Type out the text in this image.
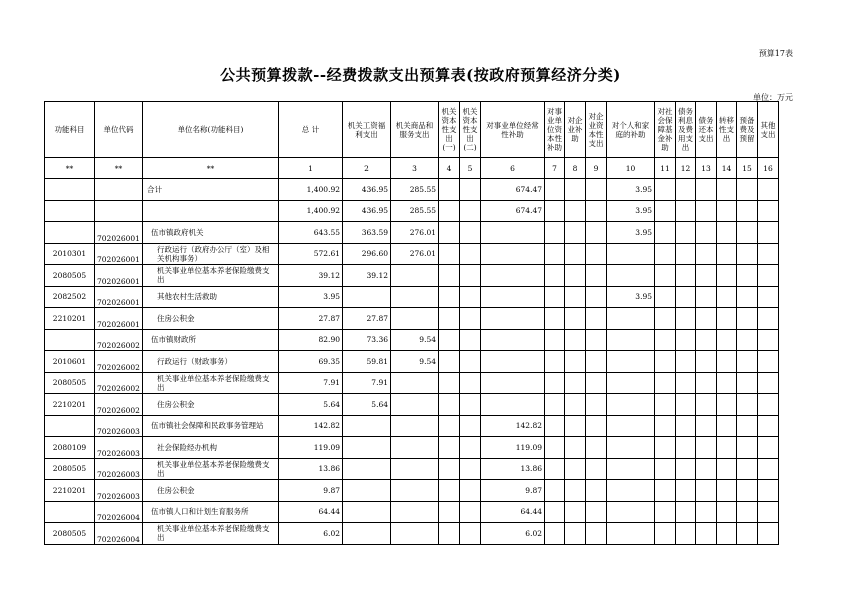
预算17表
公共预算拨款--经费拨款支出预算表(按政府预算经济分类)
单位：万元
功能科目	单位代码	单位名称(功能科目)	总 计	机关工资福利支出	机关商品和服务支出	机关资本性支出(一)	机关资本性支出(二)	对事业单位经常性补助	对事业单位资本性补助	对企业补助	对企业资本性支出	对个人和家庭的补助	对社会保障基金补助	债务利息及费用支出	债务还本支出	转移性支出	预备费及预留	其他支出
**	**	**	1	2	3	4	5	6	7	8	9	10	11	12	13	14	15	16
		合计	1,400.92	436.95	285.55			674.47				3.95						
			1,400.92	436.95	285.55			674.47				3.95						
	702026001	伍市镇政府机关	643.55	363.59	276.01							3.95						
2010301	702026001	行政运行（政府办公厅（室）及相关机构事务）	572.61	296.60	276.01													
2080505	702026001	机关事业单位基本养老保险缴费支出	39.12	39.12														
2082502	702026001	其他农村生活救助	3.95									3.95						
2210201	702026001	住房公积金	27.87	27.87														
	702026002	伍市镇财政所	82.90	73.36	9.54													
2010601	702026002	行政运行（财政事务）	69.35	59.81	9.54													
2080505	702026002	机关事业单位基本养老保险缴费支出	7.91	7.91														
2210201	702026002	住房公积金	5.64	5.64														
	702026003	伍市镇社会保障和民政事务管理站	142.82					142.82										
2080109	702026003	社会保险经办机构	119.09					119.09										
2080505	702026003	机关事业单位基本养老保险缴费支出	13.86					13.86										
2210201	702026003	住房公积金	9.87					9.87										
	702026004	伍市镇人口和计划生育服务所	64.44					64.44										
2080505	702026004	机关事业单位基本养老保险缴费支出	6.02					6.02										
